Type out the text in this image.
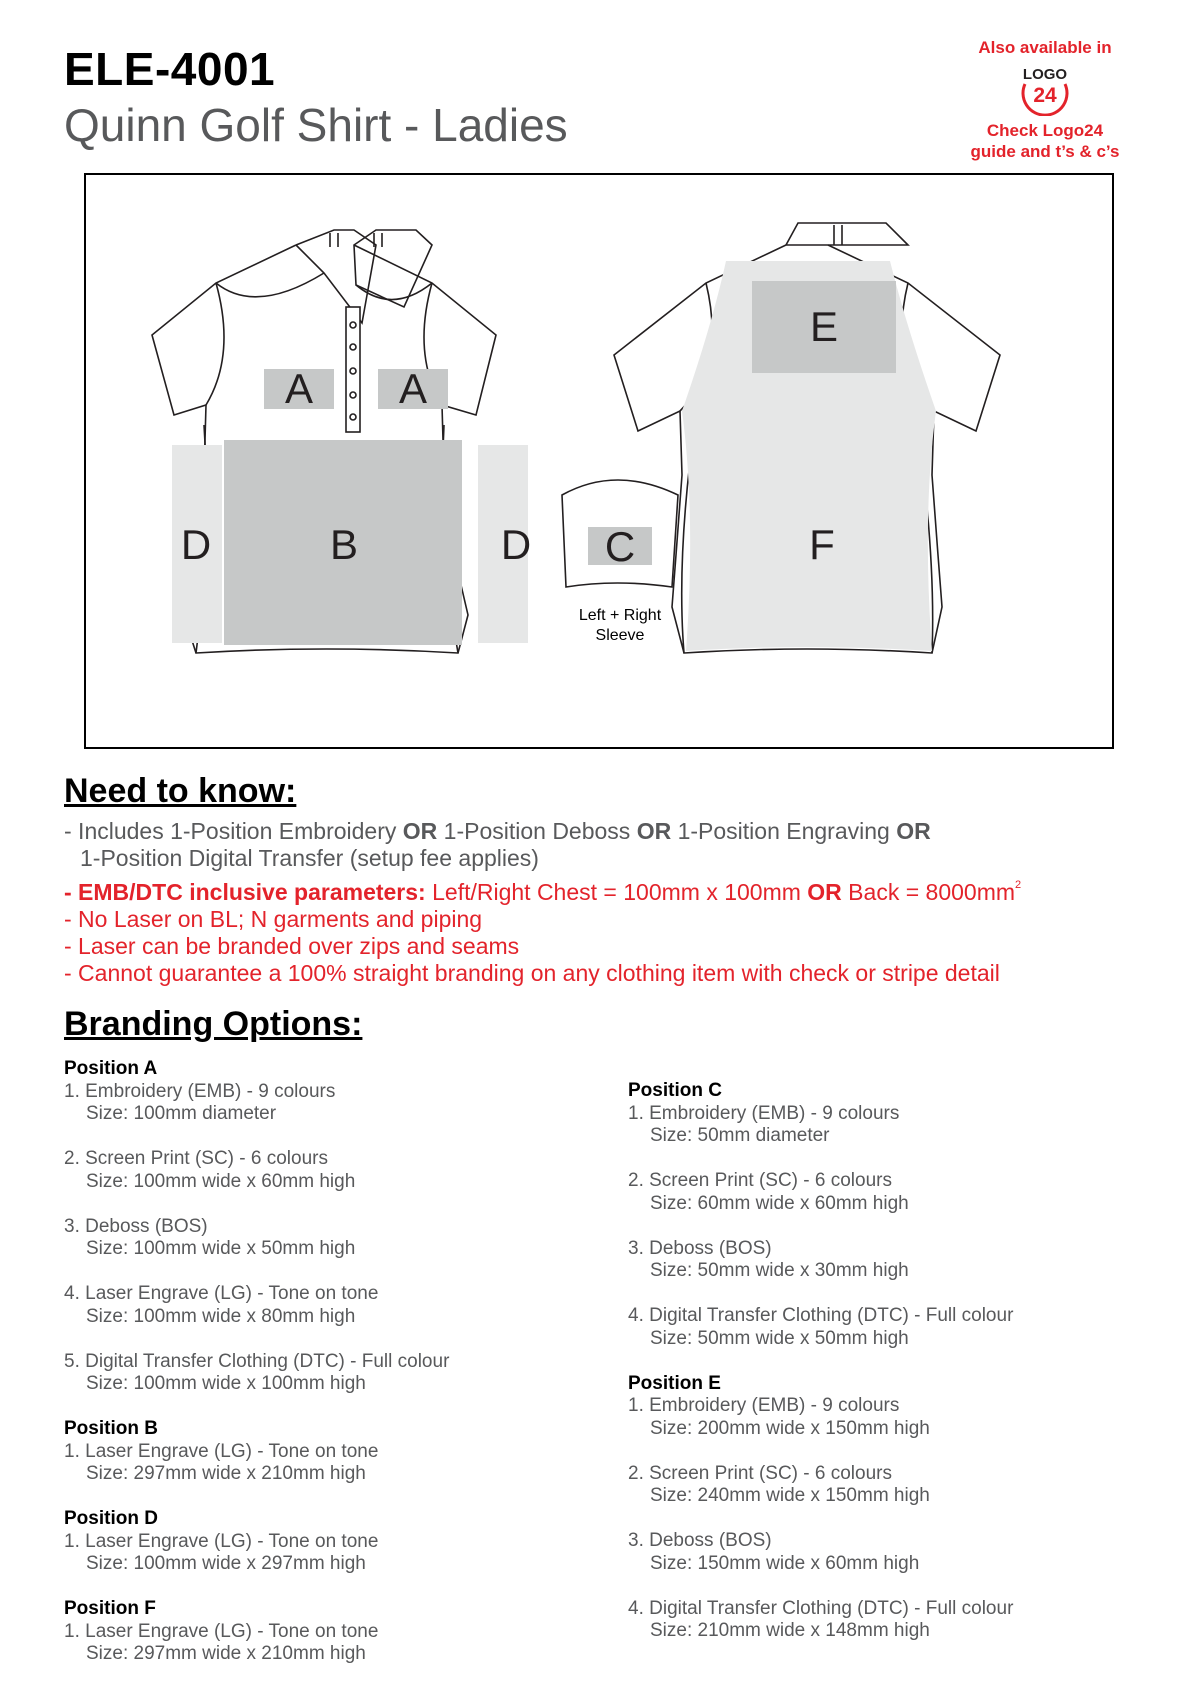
ELE-4001
Quinn Golf Shirt - Ladies
Also available in
LOGO
24
Check Logo24
guide and t’s & c’s
A A
B
D	D C
Left + Right
Sleeve
E
F
Need to know:
- Includes 1-Position Embroidery OR 1-Position Deboss OR 1-Position Engraving OR
1-Position Digital Transfer (setup fee applies)
- EMB/DTC inclusive parameters: Left/Right Chest = 100mm x 100mm OR Back = $8000mm^2$
- No Laser on BL; N garments and piping
- Laser can be branded over zips and seams
- Cannot guarantee a 100% straight branding on any clothing item with check or stripe detail
Branding Options:
Position A
1. Embroidery (EMB) - 9 colours
Size: 100mm diameter
2. Screen Print (SC) - 6 colours
Size: 100mm wide x 60mm high
3. Deboss (BOS)
Size: 100mm wide x 50mm high
4. Laser Engrave (LG) - Tone on tone
Size: 100mm wide x 80mm high
5. Digital Transfer Clothing (DTC) - Full colour
Size: 100mm wide x 100mm high
Position B
1. Laser Engrave (LG) - Tone on tone
Size: 297mm wide x 210mm high
Position D
1. Laser Engrave (LG) - Tone on tone
Size: 100mm wide x 297mm high
Position F
1. Laser Engrave (LG) - Tone on tone
Size: 297mm wide x 210mm high
Position C
1. Embroidery (EMB) - 9 colours
Size: 50mm diameter
2. Screen Print (SC) - 6 colours
Size: 60mm wide x 60mm high
3. Deboss (BOS)
Size: 50mm wide x 30mm high
4. Digital Transfer Clothing (DTC) - Full colour
Size: 50mm wide x 50mm high
Position E
1. Embroidery (EMB) - 9 colours
Size: 200mm wide x 150mm high
2. Screen Print (SC) - 6 colours
Size: 240mm wide x 150mm high
3. Deboss (BOS)
Size: 150mm wide x 60mm high
4. Digital Transfer Clothing (DTC) - Full colour
Size: 210mm wide x 148mm high
